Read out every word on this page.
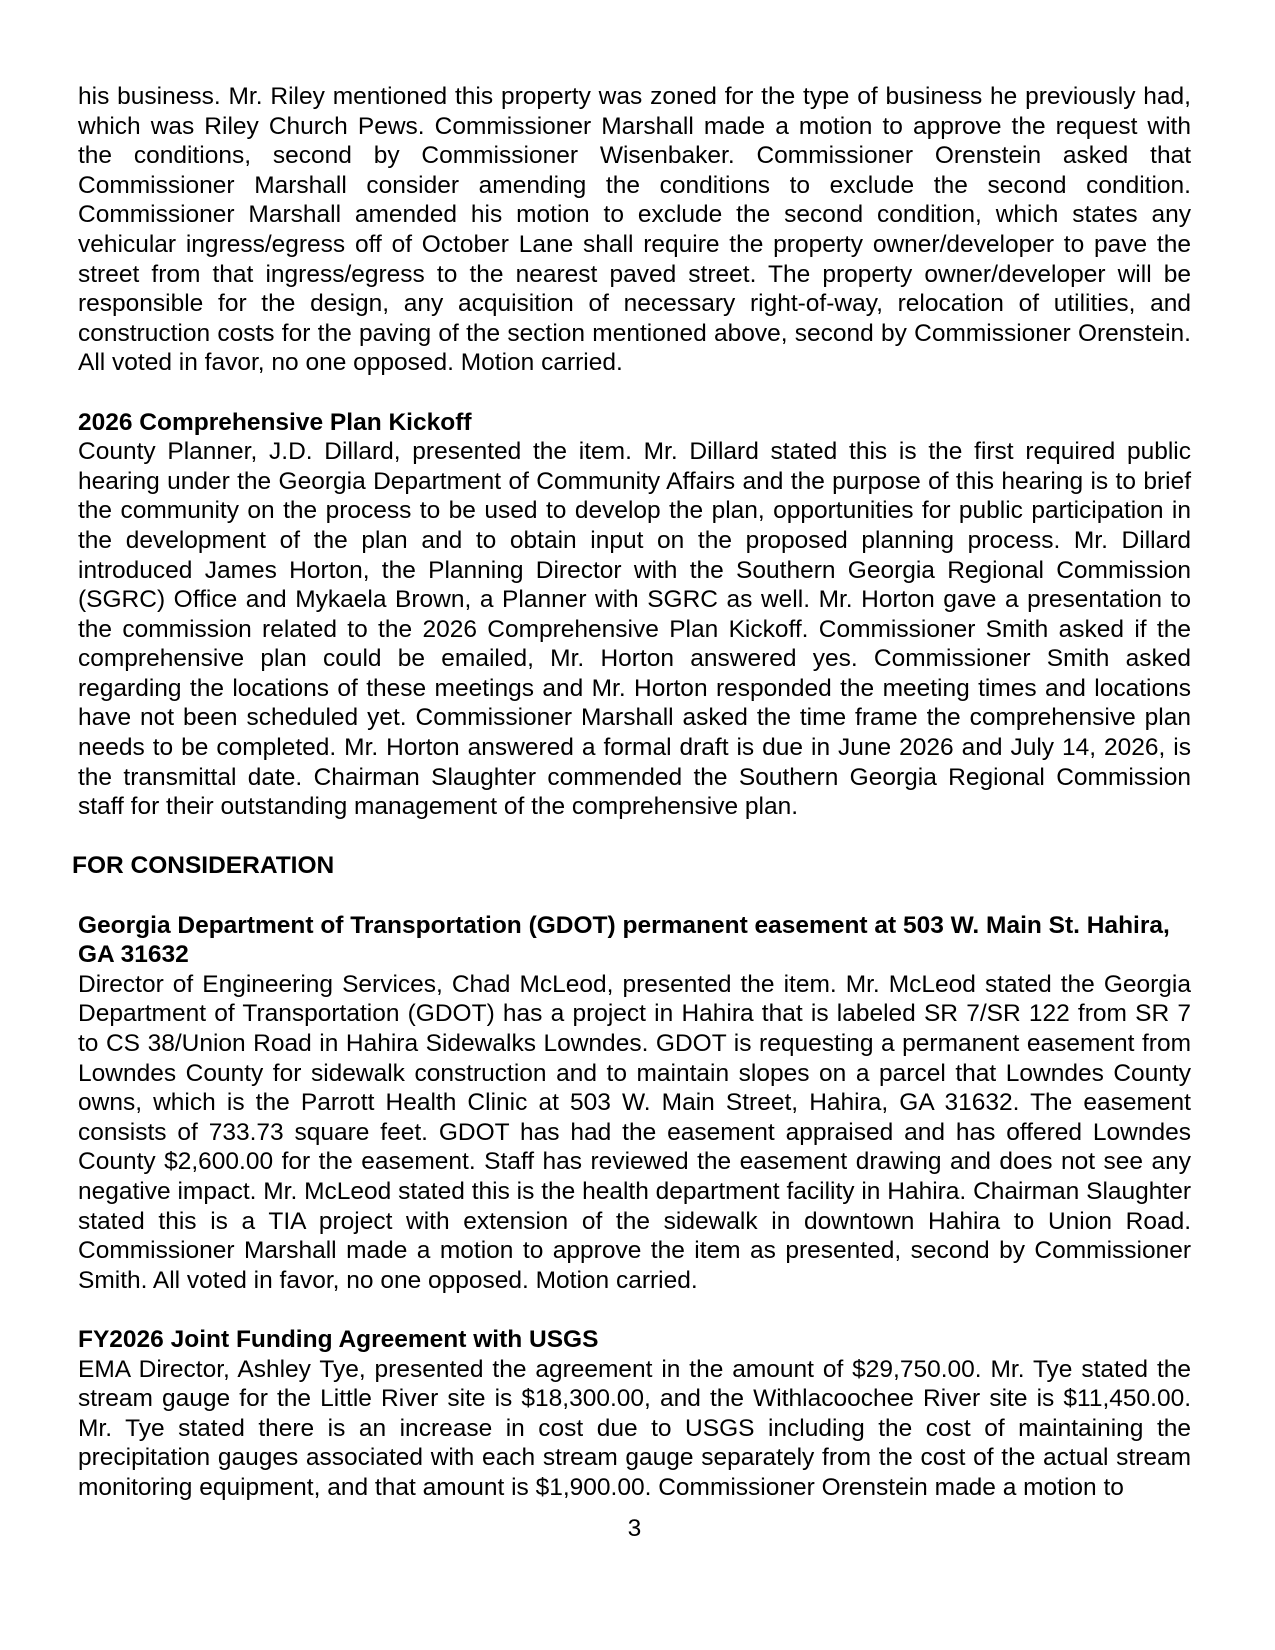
his business. Mr. Riley mentioned this property was zoned for the type of business he previously had,
which was Riley Church Pews. Commissioner Marshall made a motion to approve the request with
the conditions, second by Commissioner Wisenbaker. Commissioner Orenstein asked that
Commissioner Marshall consider amending the conditions to exclude the second condition.
Commissioner Marshall amended his motion to exclude the second condition, which states any
vehicular ingress/egress off of October Lane shall require the property owner/developer to pave the
street from that ingress/egress to the nearest paved street. The property owner/developer will be
responsible for the design, any acquisition of necessary right-of-way, relocation of utilities, and
construction costs for the paving of the section mentioned above, second by Commissioner Orenstein.
All voted in favor, no one opposed. Motion carried.
2026 Comprehensive Plan Kickoff
County Planner, J.D. Dillard, presented the item. Mr. Dillard stated this is the first required public
hearing under the Georgia Department of Community Affairs and the purpose of this hearing is to brief
the community on the process to be used to develop the plan, opportunities for public participation in
the development of the plan and to obtain input on the proposed planning process. Mr. Dillard
introduced James Horton, the Planning Director with the Southern Georgia Regional Commission
(SGRC) Office and Mykaela Brown, a Planner with SGRC as well. Mr. Horton gave a presentation to
the commission related to the 2026 Comprehensive Plan Kickoff. Commissioner Smith asked if the
comprehensive plan could be emailed, Mr. Horton answered yes. Commissioner Smith asked
regarding the locations of these meetings and Mr. Horton responded the meeting times and locations
have not been scheduled yet. Commissioner Marshall asked the time frame the comprehensive plan
needs to be completed. Mr. Horton answered a formal draft is due in June 2026 and July 14, 2026, is
the transmittal date. Chairman Slaughter commended the Southern Georgia Regional Commission
staff for their outstanding management of the comprehensive plan.
FOR CONSIDERATION
Georgia Department of Transportation (GDOT) permanent easement at 503 W. Main St. Hahira,
GA 31632
Director of Engineering Services, Chad McLeod, presented the item. Mr. McLeod stated the Georgia
Department of Transportation (GDOT) has a project in Hahira that is labeled SR 7/SR 122 from SR 7
to CS 38/Union Road in Hahira Sidewalks Lowndes. GDOT is requesting a permanent easement from
Lowndes County for sidewalk construction and to maintain slopes on a parcel that Lowndes County
owns, which is the Parrott Health Clinic at 503 W. Main Street, Hahira, GA 31632. The easement
consists of 733.73 square feet. GDOT has had the easement appraised and has offered Lowndes
County $2,600.00 for the easement. Staff has reviewed the easement drawing and does not see any
negative impact. Mr. McLeod stated this is the health department facility in Hahira. Chairman Slaughter
stated this is a TIA project with extension of the sidewalk in downtown Hahira to Union Road.
Commissioner Marshall made a motion to approve the item as presented, second by Commissioner
Smith. All voted in favor, no one opposed. Motion carried.
FY2026 Joint Funding Agreement with USGS
EMA Director, Ashley Tye, presented the agreement in the amount of $29,750.00. Mr. Tye stated the
stream gauge for the Little River site is $18,300.00, and the Withlacoochee River site is $11,450.00.
Mr. Tye stated there is an increase in cost due to USGS including the cost of maintaining the
precipitation gauges associated with each stream gauge separately from the cost of the actual stream
monitoring equipment, and that amount is $1,900.00. Commissioner Orenstein made a motion to
3
